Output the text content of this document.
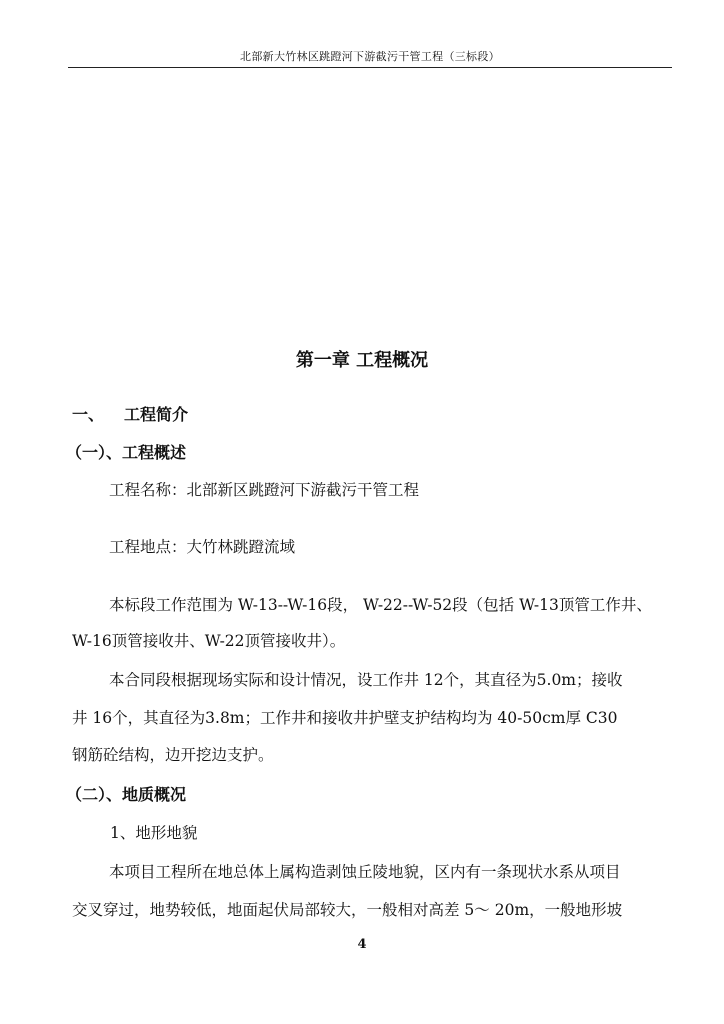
北部新大竹林区跳蹬河下游截污干管工程（三标段）
第一章 工程概况
一、 工程简介
（一）、工程概述
工程名称：北部新区跳蹬河下游截污干管工程
工程地点：大竹林跳蹬流域
本标段工作范围为 W-13--W-16段， W-22--W-52段（包括 W-13顶管工作井、
W-16顶管接收井、W-22顶管接收井）。
本合同段根据现场实际和设计情况，设工作井 12个，其直径为5.0m；接收
井 16个，其直径为3.8m；工作井和接收井护壁支护结构均为 40-50cm厚 C30
钢筋砼结构，边开挖边支护。
（二）、地质概况
1、地形地貌
本项目工程所在地总体上属构造剥蚀丘陵地貌，区内有一条现状水系从项目
交叉穿过，地势较低，地面起伏局部较大，一般相对高差 5～ 20m，一般地形坡
4
